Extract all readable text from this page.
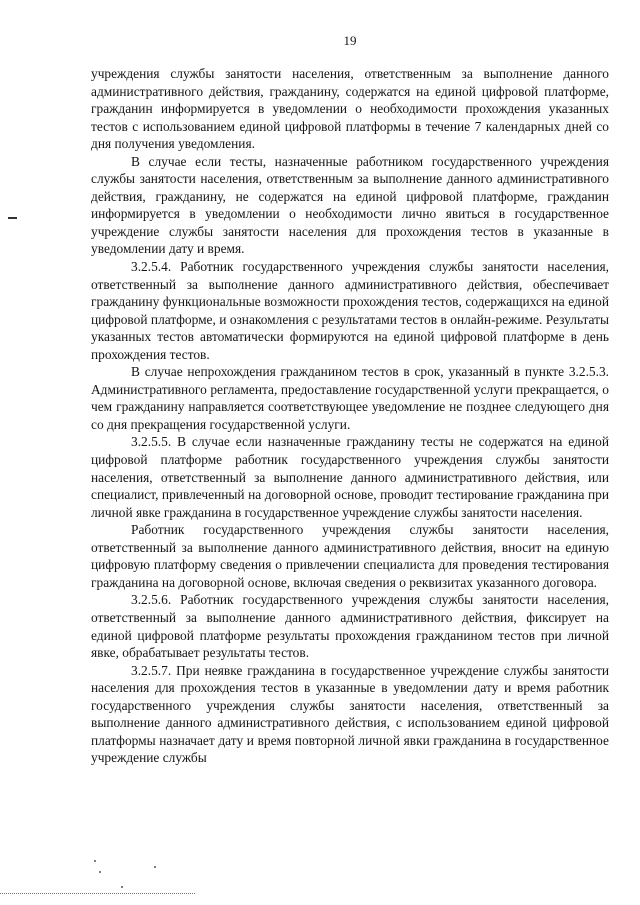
19

учреждения службы занятости населения, ответственным за выполнение данного административного действия, гражданину, содержатся на единой цифровой платформе, гражданин информируется в уведомлении о необходимости прохождения указанных тестов с использованием единой цифровой платформы в течение 7 календарных дней со дня получения уведомления.

В случае если тесты, назначенные работником государственного учреждения службы занятости населения, ответственным за выполнение данного административного действия, гражданину, не содержатся на единой цифровой платформе, гражданин информируется в уведомлении о необходимости лично явиться в государственное учреждение службы занятости населения для прохождения тестов в указанные в уведомлении дату и время.

3.2.5.4. Работник государственного учреждения службы занятости населения, ответственный за выполнение данного административного действия, обеспечивает гражданину функциональные возможности прохождения тестов, содержащихся на единой цифровой платформе, и ознакомления с результатами тестов в онлайн-режиме. Результаты указанных тестов автоматически формируются на единой цифровой платформе в день прохождения тестов.

В случае непрохождения гражданином тестов в срок, указанный в пункте 3.2.5.3. Административного регламента, предоставление государственной услуги прекращается, о чем гражданину направляется соответствующее уведомление не позднее следующего дня со дня прекращения государственной услуги.

3.2.5.5. В случае если назначенные гражданину тесты не содержатся на единой цифровой платформе работник государственного учреждения службы занятости населения, ответственный за выполнение данного административного действия, или специалист, привлеченный на договорной основе, проводит тестирование гражданина при личной явке гражданина в государственное учреждение службы занятости населения.

Работник государственного учреждения службы занятости населения, ответственный за выполнение данного административного действия, вносит на единую цифровую платформу сведения о привлечении специалиста для проведения тестирования гражданина на договорной основе, включая сведения о реквизитах указанного договора.

3.2.5.6. Работник государственного учреждения службы занятости населения, ответственный за выполнение данного административного действия, фиксирует на единой цифровой платформе результаты прохождения гражданином тестов при личной явке, обрабатывает результаты тестов.

3.2.5.7. При неявке гражданина в государственное учреждение службы занятости населения для прохождения тестов в указанные в уведомлении дату и время работник государственного учреждения службы занятости населения, ответственный за выполнение данного административного действия, с использованием единой цифровой платформы назначает дату и время повторной личной явки гражданина в государственное учреждение службы
